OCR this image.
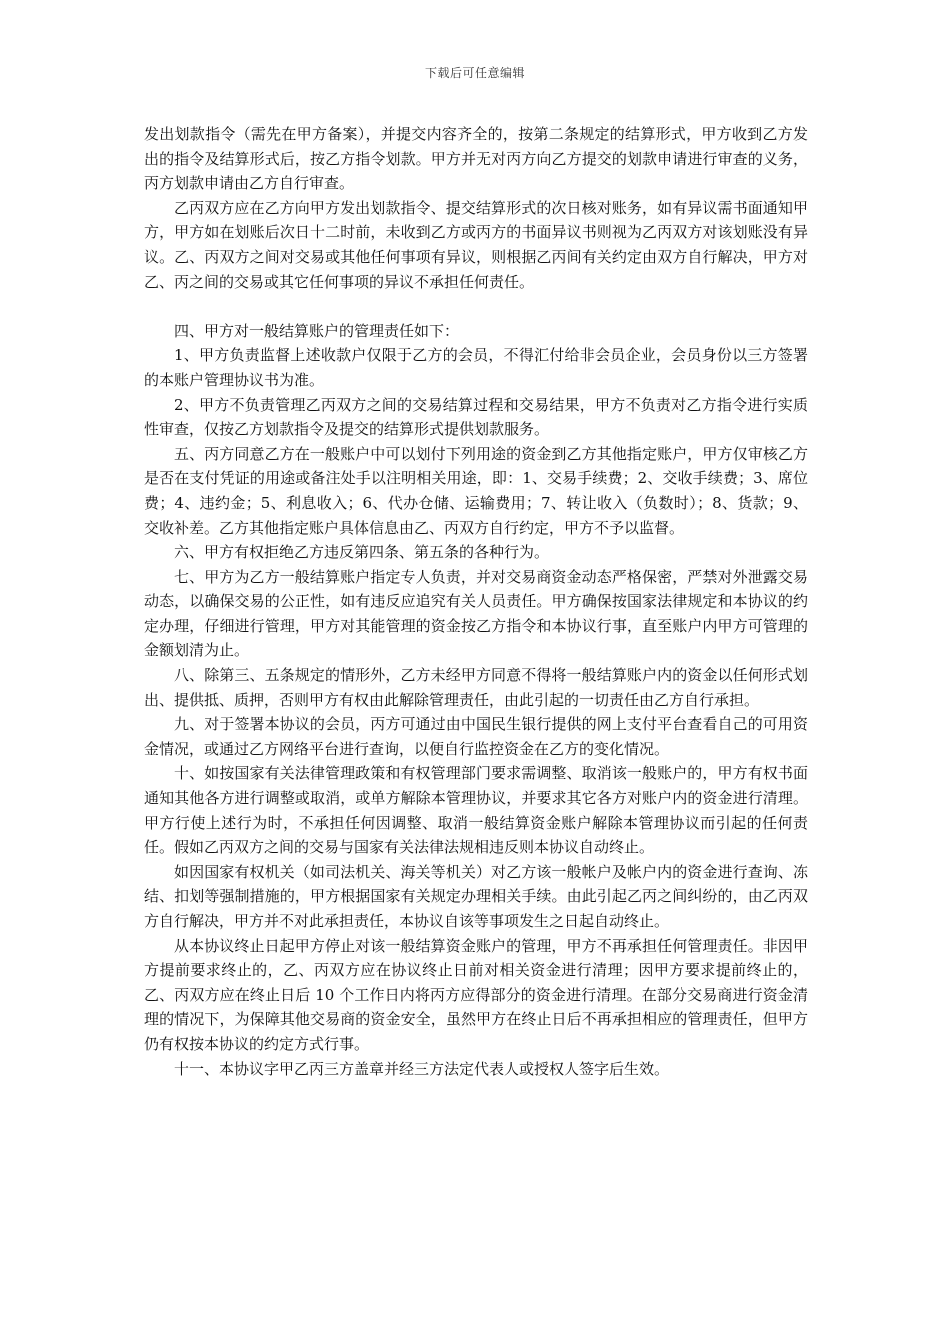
下载后可任意编辑

发出划款指令（需先在甲方备案），并提交内容齐全的，按第二条规定的结算形式，甲方收到乙方发出的指令及结算形式后，按乙方指令划款。甲方并无对丙方向乙方提交的划款申请进行审查的义务，丙方划款申请由乙方自行审查。

乙丙双方应在乙方向甲方发出划款指令、提交结算形式的次日核对账务，如有异议需书面通知甲方，甲方如在划账后次日十二时前，未收到乙方或丙方的书面异议书则视为乙丙双方对该划账没有异议。乙、丙双方之间对交易或其他任何事项有异议，则根据乙丙间有关约定由双方自行解决，甲方对乙、丙之间的交易或其它任何事项的异议不承担任何责任。

四、甲方对一般结算账户的管理责任如下：

1、甲方负责监督上述收款户仅限于乙方的会员，不得汇付给非会员企业，会员身份以三方签署的本账户管理协议书为准。

2、甲方不负责管理乙丙双方之间的交易结算过程和交易结果，甲方不负责对乙方指令进行实质性审查，仅按乙方划款指令及提交的结算形式提供划款服务。

五、丙方同意乙方在一般账户中可以划付下列用途的资金到乙方其他指定账户，甲方仅审核乙方是否在支付凭证的用途或备注处手以注明相关用途，即：1、交易手续费；2、交收手续费；3、席位费；4、违约金；5、利息收入；6、代办仓储、运输费用；7、转让收入（负数时）；8、货款；9、交收补差。乙方其他指定账户具体信息由乙、丙双方自行约定，甲方不予以监督。

六、甲方有权拒绝乙方违反第四条、第五条的各种行为。

七、甲方为乙方一般结算账户指定专人负责，并对交易商资金动态严格保密，严禁对外泄露交易动态，以确保交易的公正性，如有违反应追究有关人员责任。甲方确保按国家法律规定和本协议的约定办理，仔细进行管理，甲方对其能管理的资金按乙方指令和本协议行事，直至账户内甲方可管理的金额划清为止。

八、除第三、五条规定的情形外，乙方未经甲方同意不得将一般结算账户内的资金以任何形式划出、提供抵、质押，否则甲方有权由此解除管理责任，由此引起的一切责任由乙方自行承担。

九、对于签署本协议的会员，丙方可通过由中国民生银行提供的网上支付平台查看自己的可用资金情况，或通过乙方网络平台进行查询，以便自行监控资金在乙方的变化情况。

十、如按国家有关法律管理政策和有权管理部门要求需调整、取消该一般账户的，甲方有权书面通知其他各方进行调整或取消，或单方解除本管理协议，并要求其它各方对账户内的资金进行清理。甲方行使上述行为时，不承担任何因调整、取消一般结算资金账户解除本管理协议而引起的任何责任。假如乙丙双方之间的交易与国家有关法律法规相违反则本协议自动终止。

如因国家有权机关（如司法机关、海关等机关）对乙方该一般帐户及帐户内的资金进行查询、冻结、扣划等强制措施的，甲方根据国家有关规定办理相关手续。由此引起乙丙之间纠纷的，由乙丙双方自行解决，甲方并不对此承担责任，本协议自该等事项发生之日起自动终止。

从本协议终止日起甲方停止对该一般结算资金账户的管理，甲方不再承担任何管理责任。非因甲方提前要求终止的，乙、丙双方应在协议终止日前对相关资金进行清理；因甲方要求提前终止的，乙、丙双方应在终止日后 10 个工作日内将丙方应得部分的资金进行清理。在部分交易商进行资金清理的情况下，为保障其他交易商的资金安全，虽然甲方在终止日后不再承担相应的管理责任，但甲方仍有权按本协议的约定方式行事。

十一、本协议字甲乙丙三方盖章并经三方法定代表人或授权人签字后生效。
